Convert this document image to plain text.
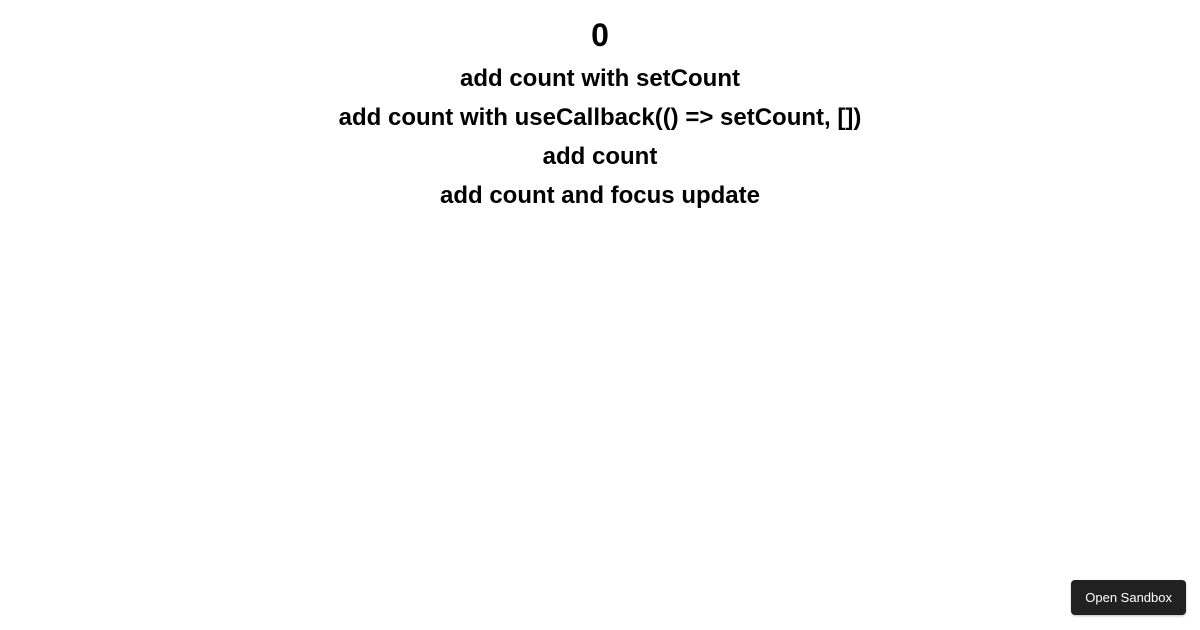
0
add count with setCount
add count with useCallback(() => setCount, [])
add count
add count and focus update
Open Sandbox
